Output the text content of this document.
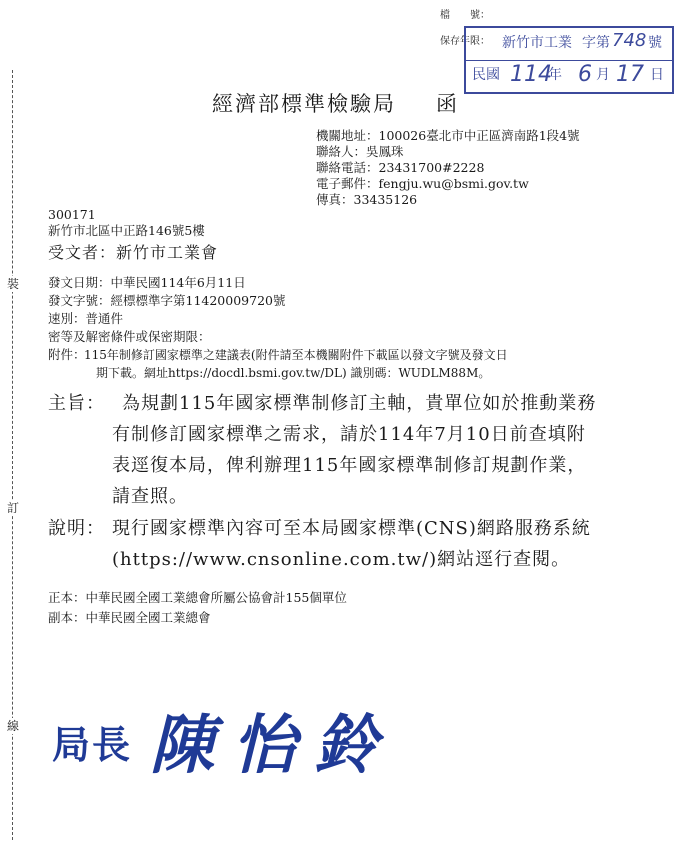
裝
訂
線
檔　　號：
保存年限： 新竹市工業 字第 748 號
民國 114
年 6 月 17 日
經濟部標準檢驗局 函
機關地址：100026臺北市中正區濟南路1段4號
聯絡人：吳鳳珠
聯絡電話：23431700#2228
電子郵件：fengju.wu@bsmi.gov.tw
傳真：33435126
300171
新竹市北區中正路146號5樓
受文者：新竹市工業會
發文日期：中華民國114年6月11日
發文字號：經標標準字第11420009720號
速別：普通件
密等及解密條件或保密期限：
附件：
115年制修訂國家標準之建議表(附件請至本機關附件下載區以發文字號及發文日
期下載。網址https://docdl.bsmi.gov.tw/DL) 識別碼：WUDLM88M。
主旨： 為規劃115年國家標準制修訂主軸，貴單位如於推動業務
有制修訂國家標準之需求，請於114年7月10日前查填附
表逕復本局，俾利辦理115年國家標準制修訂規劃作業，
請查照。
說明： 現行國家標準內容可至本局國家標準(CNS)網路服務系統
(https://www.cnsonline.com.tw/)網站逕行查閱。
正本：中華民國全國工業總會所屬公協會計155個單位
副本：中華民國全國工業總會
局長 陳怡鈴
